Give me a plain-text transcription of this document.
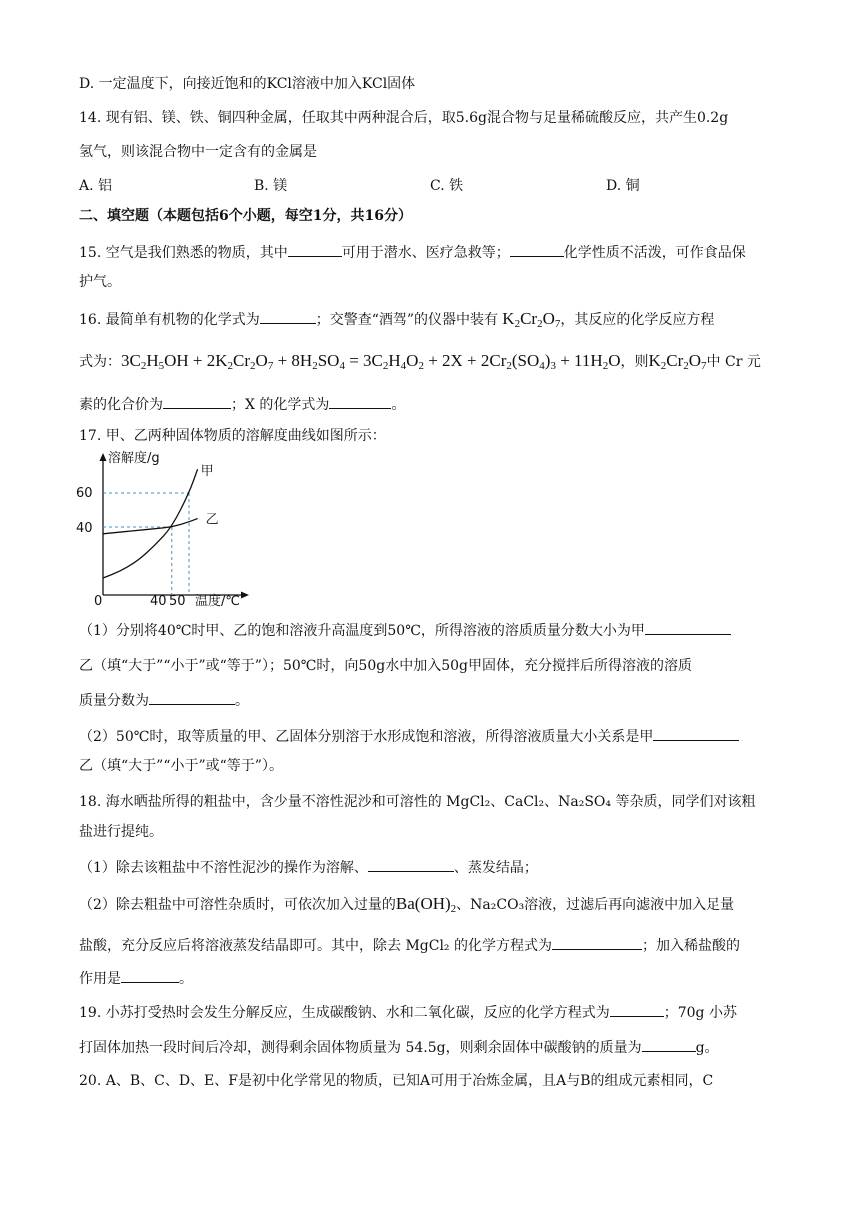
D. 一定温度下，向接近饱和的KCl溶液中加入KCl固体
14. 现有铝、镁、铁、铜四种金属，任取其中两种混合后，取5.6g混合物与足量稀硫酸反应，共产生0.2g
氢气，则该混合物中一定含有的金属是
A. 铝	B. 镁	C. 铁	D. 铜
二、填空题（本题包括6个小题，每空1分，共16分）
15. 空气是我们熟悉的物质，其中	可用于潜水、医疗急救等；	化学性质不活泼，可作食品保
护气。
16. 最简单有机物的化学式为	；交警查“酒驾”的仪器中装有 $K_2Cr_2O_7$，其反应的化学反应方程
式为：$3C_2H_5OH + 2K_2Cr_2O_7 + 8H_2SO_4 = 3C_2H_4O_2 + 2X + 2Cr_2(SO_4)_3 + 11H_2O$，则$K_2Cr_2O_7$中 Cr 元
素的化合价为	；X 的化学式为	。
17. 甲、乙两种固体物质的溶解度曲线如图所示：
溶解度/g
温度/℃
60
40
0	40 50
甲
乙
（1）分别将40℃时甲、乙的饱和溶液升高温度到50℃，所得溶液的溶质质量分数大小为甲
乙（填“大于”“小于”或“等于”）；50℃时，向50g水中加入50g甲固体，充分搅拌后所得溶液的溶质
质量分数为	。
（2）50℃时，取等质量的甲、乙固体分别溶于水形成饱和溶液，所得溶液质量大小关系是甲
乙（填“大于”“小于”或“等于”）。
18. 海水晒盐所得的粗盐中，含少量不溶性泥沙和可溶性的 MgCl₂、CaCl₂、Na₂SO₄ 等杂质，同学们对该粗
盐进行提纯。
（1）除去该粗盐中不溶性泥沙的操作为溶解、	、蒸发结晶；
（2）除去粗盐中可溶性杂质时，可依次加入过量的$Ba(OH)_2$、Na₂CO₃溶液，过滤后再向滤液中加入足量
盐酸，充分反应后将溶液蒸发结晶即可。其中，除去 MgCl₂ 的化学方程式为	；加入稀盐酸的
作用是	。
19. 小苏打受热时会发生分解反应，生成碳酸钠、水和二氧化碳，反应的化学方程式为	；70g 小苏
打固体加热一段时间后冷却，测得剩余固体物质量为 54.5g，则剩余固体中碳酸钠的质量为	g。
20. A、B、C、D、E、F是初中化学常见的物质，已知A可用于冶炼金属，且A与B的组成元素相同，C
